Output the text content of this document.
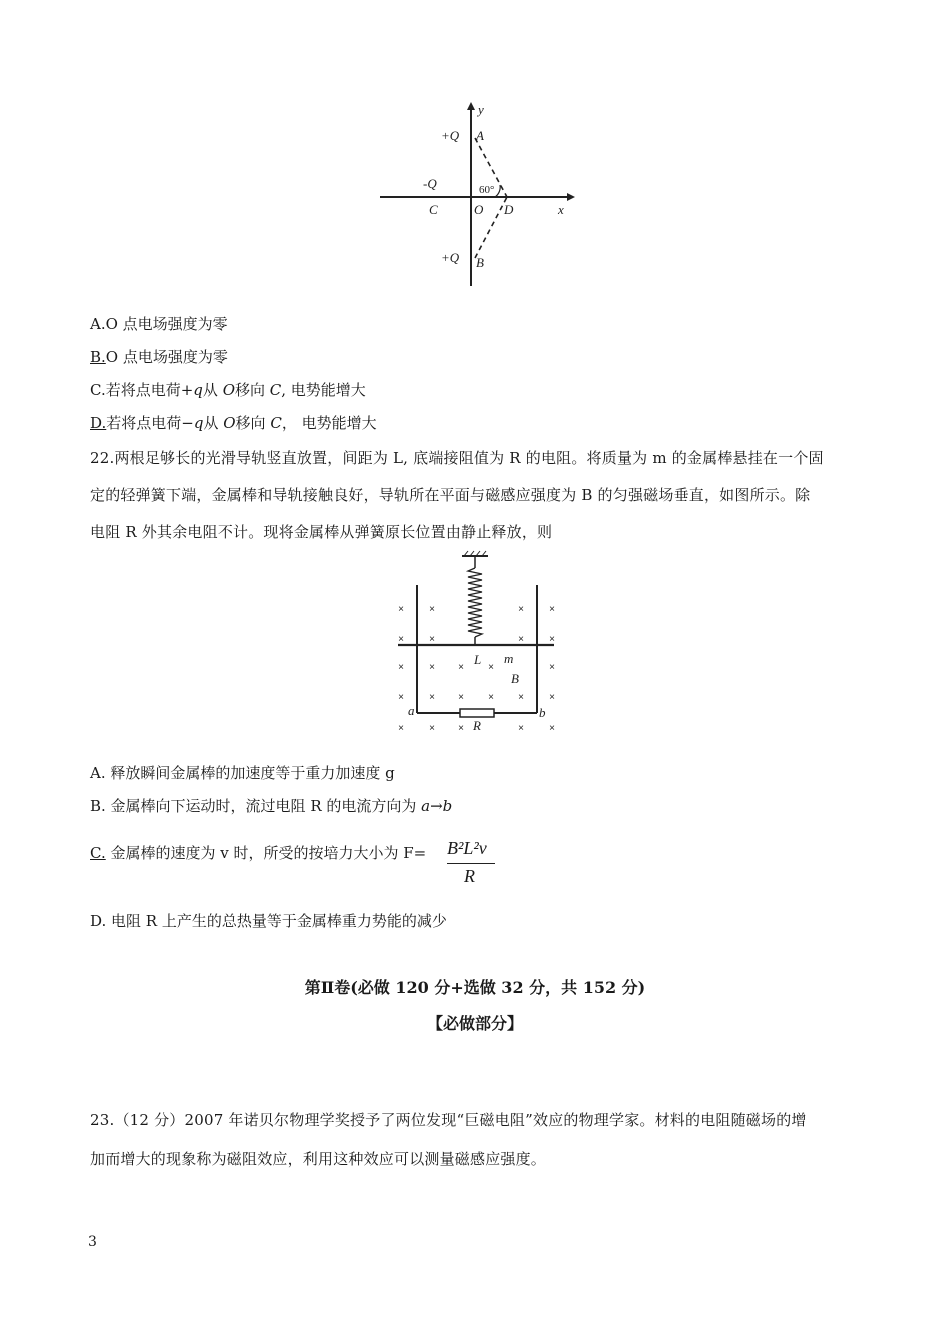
y
x
+Q A
-Q	60°
C	O D
+Q B
A.O 点电场强度为零
B.O 点电场强度为零
C.若将点电荷+q从 O移向 C, 电势能增大
D.若将点电荷−q从 O移向 C， 电势能增大
22.两根足够长的光滑导轨竖直放置，间距为 L, 底端接阻值为 R 的电阻。将质量为 m 的金属棒悬挂在一个固
定的轻弹簧下端，金属棒和导轨接触良好，导轨所在平面与磁感应强度为 B 的匀强磁场垂直，如图所示。除
电阻 R 外其余电阻不计。现将金属棒从弹簧原长位置由静止释放，则
×	×	×	×
×	×	×	×
×	× × ×	×
×	× × × ×	×
×	× ×	×	×
L m
B
a	b
R
A. 释放瞬间金属棒的加速度等于重力加速度 g
B. 金属棒向下运动时，流过电阻 R 的电流方向为 a→b
C. 金属棒的速度为 v 时，所受的按培力大小为 F= B²L²v
R
D. 电阻 R 上产生的总热量等于金属棒重力势能的减少
第Ⅱ卷(必做 120 分+选做 32 分，共 152 分)
【必做部分】
23.（12 分）2007 年诺贝尔物理学奖授予了两位发现“巨磁电阻”效应的物理学家。材料的电阻随磁场的增
加而增大的现象称为磁阻效应，利用这种效应可以测量磁感应强度。
3
